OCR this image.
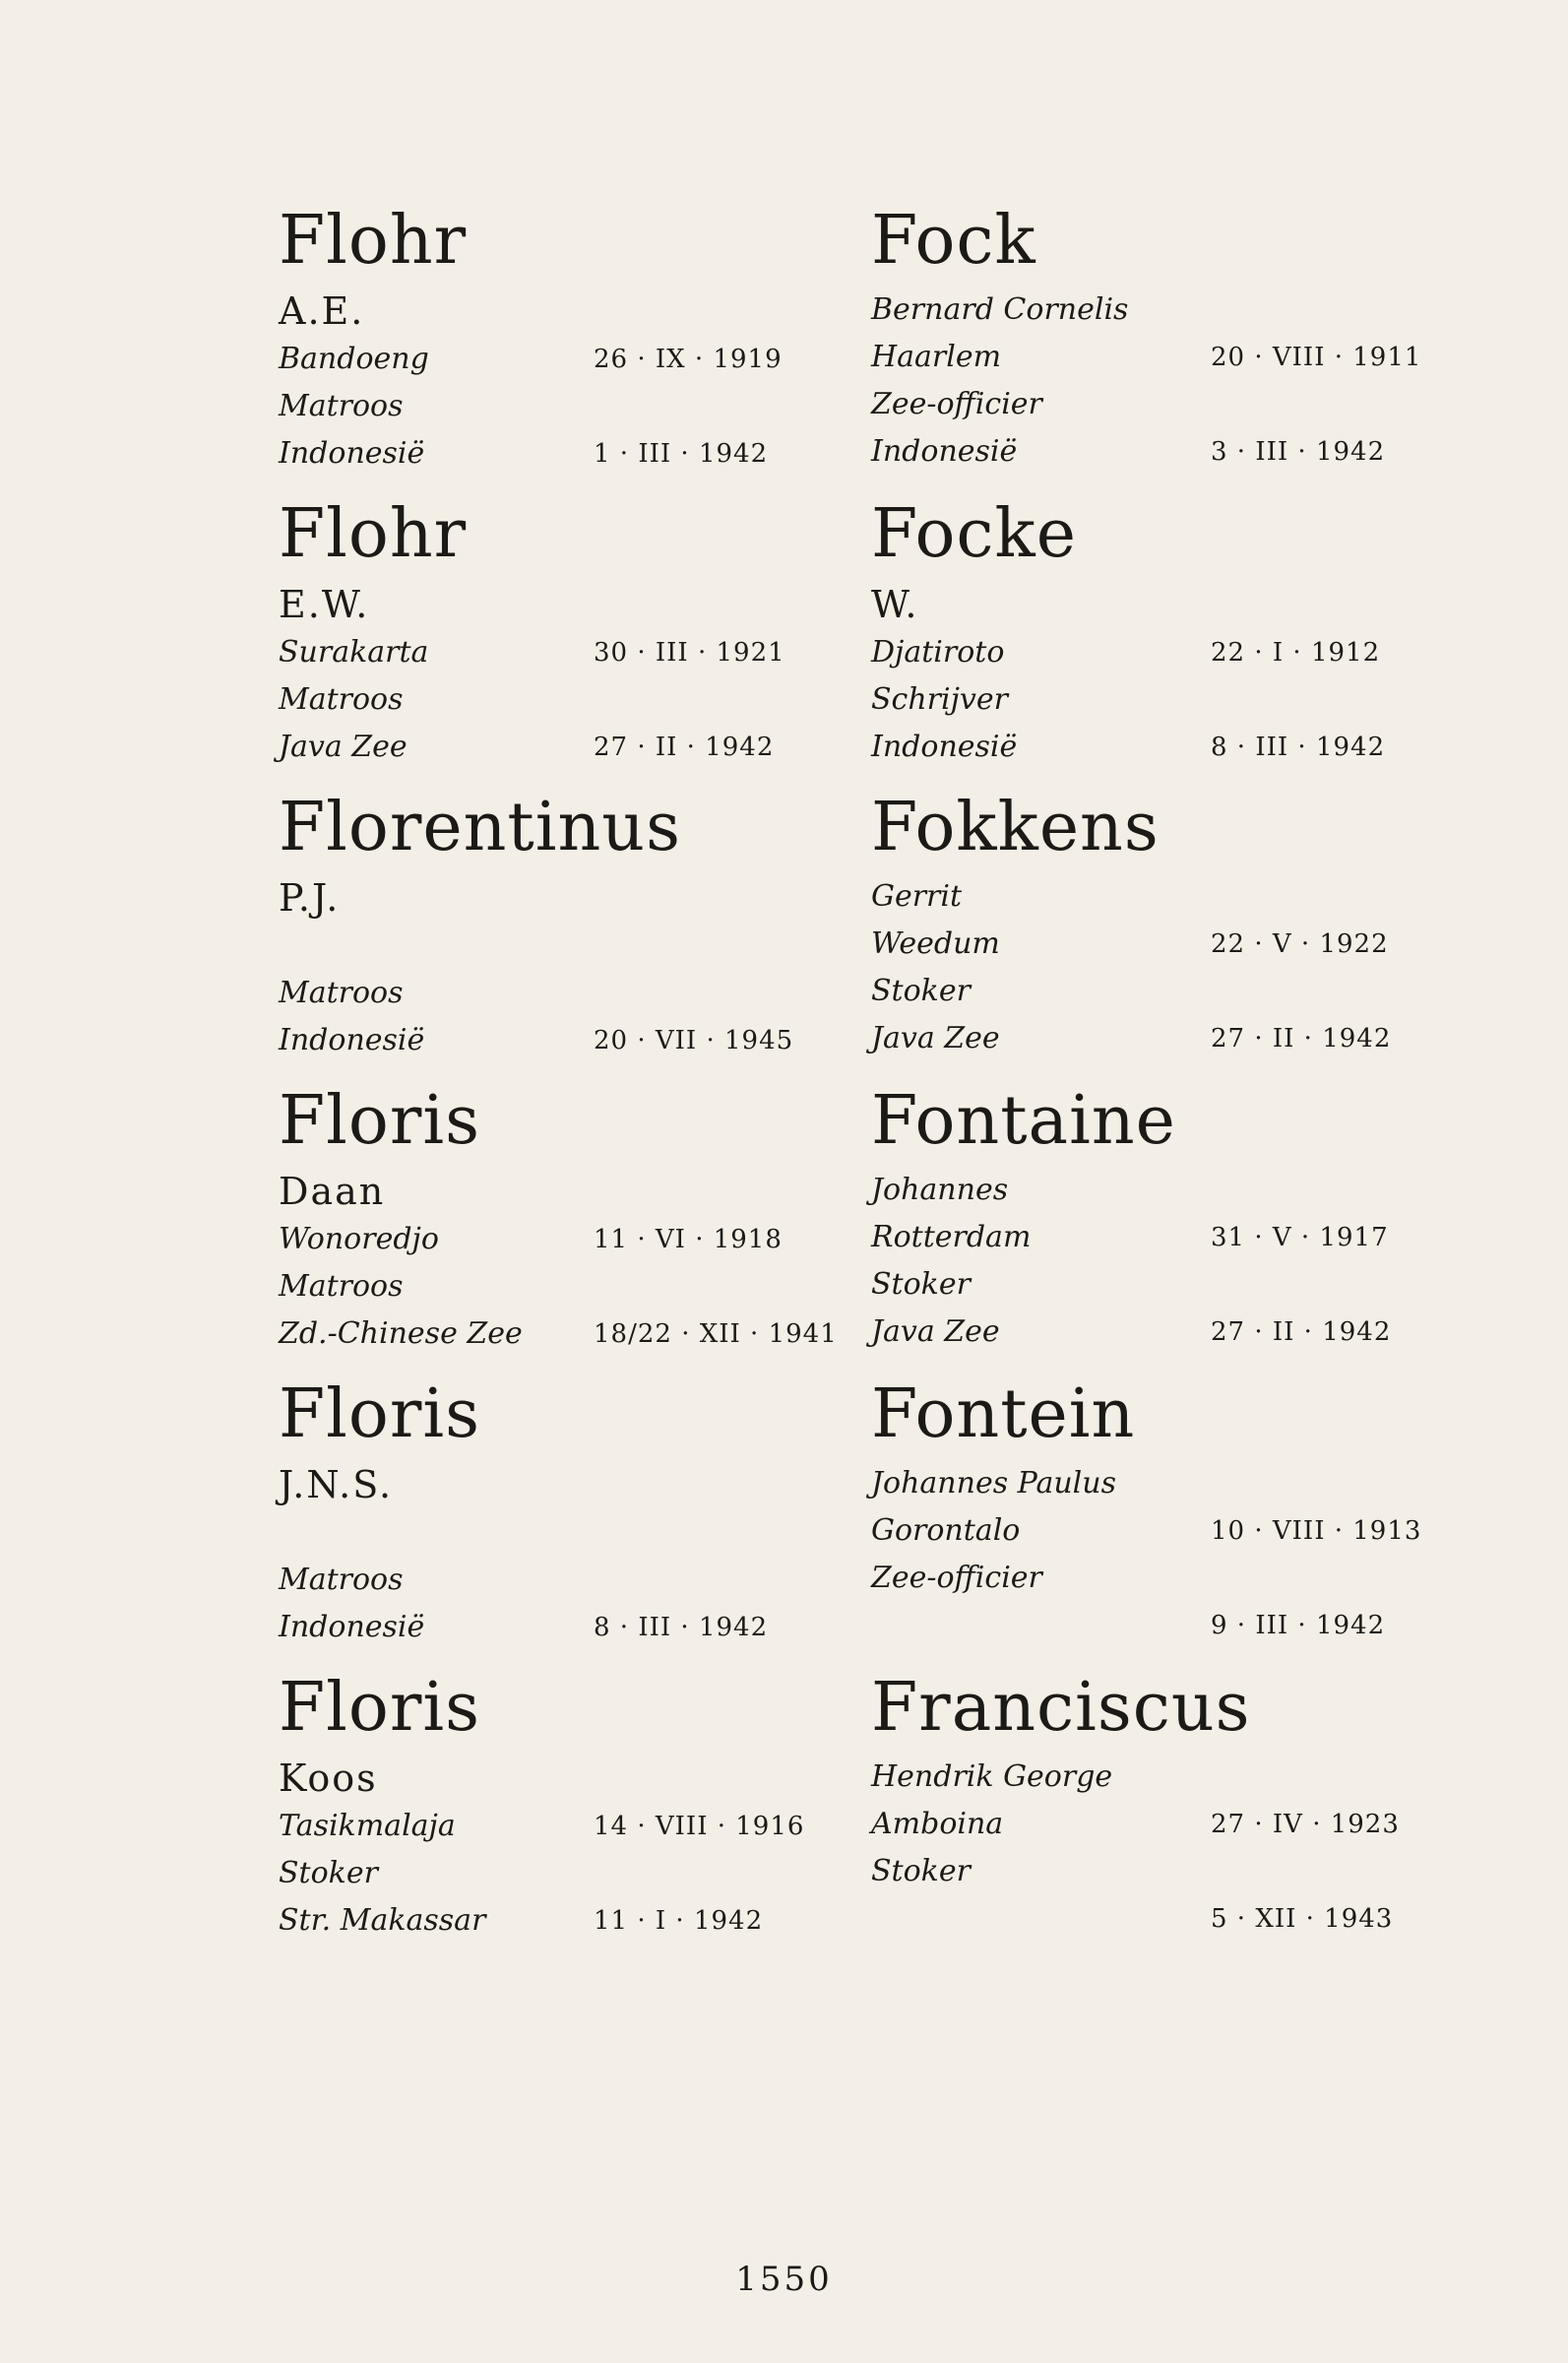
Flohr
A.E.
Bandoeng	26 · IX · 1919
Matroos
Indonesië	1 · III · 1942
Flohr
E.W.
Surakarta	30 · III · 1921
Matroos
Java Zee	27 · II · 1942
Florentinus
P.J.
Matroos
Indonesië	20 · VII · 1945
Floris
Daan
Wonoredjo	11 · VI · 1918
Matroos
Zd.-Chinese Zee	18/22 · XII · 1941
Floris
J.N.S.
Matroos
Indonesië	8 · III · 1942
Floris
Koos
Tasikmalaja	14 · VIII · 1916
Stoker
Str. Makassar	11 · I · 1942
Fock
Bernard Cornelis
Haarlem	20 · VIII · 1911
Zee-officier
Indonesië	3 · III · 1942
Focke
W.
Djatiroto	22 · I · 1912
Schrijver
Indonesië	8 · III · 1942
Fokkens
Gerrit
Weedum	22 · V · 1922
Stoker
Java Zee	27 · II · 1942
Fontaine
Johannes
Rotterdam	31 · V · 1917
Stoker
Java Zee	27 · II · 1942
Fontein
Johannes Paulus
Gorontalo	10 · VIII · 1913
Zee-officier
9 · III · 1942
Franciscus
Hendrik George
Amboina	27 · IV · 1923
Stoker
5 · XII · 1943
1550
